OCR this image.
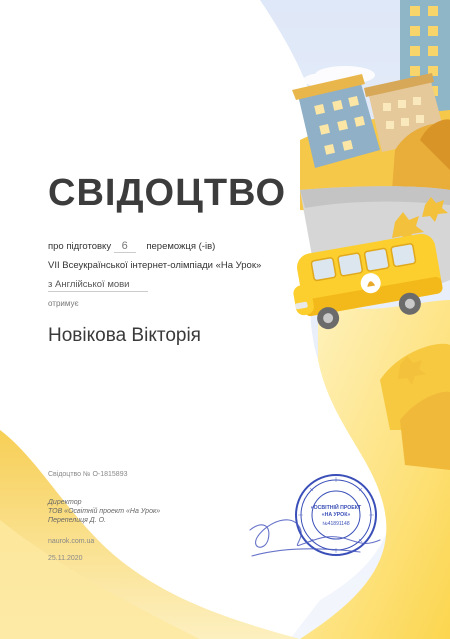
СВІДОЦТВО
про підготовку 6 переможця (-ів)
VII Всеукраїнської інтернет-олімпіади «На Урок»
з Англійської мови
отримує
Новікова Вікторія
Свідоцтво № О-1815893
Директор
ТОВ «Освітній проект «На Урок»
Перепелиця Д. О.
naurok.com.ua
25.11.2020
«ОСВІТНІЙ ПРОЕКТ
«НА УРОК»
№41891148
